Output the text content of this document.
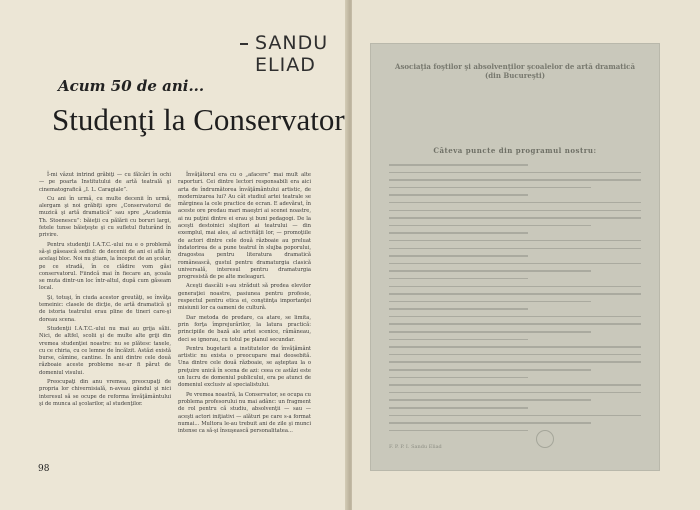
SANDU ELIAD
Acum 50 de ani...
Studenţi la Conservator

Î-mi vâzut intrind grăbiţi — cu fălcări în ochi — pe poarta Institutului de artă teatrală şi cinematografică „I. L. Caragiale”.

Cu ani în urmă, cu multe decenii în urmă, alergam şi noi grăbiţi spre „Conservatorul de muzică şi artă dramatică” sau spre „Academia Th. Stoenescu”: băieţii cu pălării cu boruri largi, fetele tunse băieţeşte şi cu sufletul fluturând în privire.

Pentru studenţii I.A.T.C.-ului nu e o problemă să-şi găsească sediul: de decenii de ani ei află în acelaşi bloc. Noi nu ştiam, la început de an şcolar, pe ce stradă, în ce clădire vom găsi conservatorul. Fiindcă mai în fiecare an, şcoala se muta dintr-un loc într-altul, după cum găseam local.

Şi, totuşi, în ciuda acestor greutăţi, se învăţa temeinic: clasele de dicţie, de artă dramatică şi de istoria teatrului erau pline de tineri care-şi doreau scena.

Studenţii I.A.T.C.-ului nu mai au grija sălii. Nici, de altfel, scolii şi de multe alte griji din vremea studenţiei noastre: nu se plătesc taxele, cu ce chiria, cu ce lemne de încălzit. Astăzi există burse, cămine, cantine. În anii dintre cele două războaie aceste probleme ne-ar fi părut de domeniul visului.

Preocupaţi din anu vremea, preocupaţi de propria lor chivernisială, n-aveau gândul şi nici interesul să se ocupe de reforma învăţământului şi de munca al şcolarilor, al studenţilor.

Învăţătorul era cu o „afacere” mai mult alte raporturi. Cei dintre lectori responsabili era aici arta de îndrumătorea învăţământului artistic, de modernizarea lui? Au cât studiul artei teatrale se mărginea la cele practice de ecran. E adevărat, în aceste ore predau mari maeştri ai scenei noastre, ai nu puţini dintre ei erau şi buni pedagogi. De la aceşti destoinici slujitori ai teatrului — din exemplul, mai ales, al activităţii lor, — promoţiile de actori dintre cele două războaie au preluat îndatorirea de a pune teatrul în slujba poporului, dragostea pentru literatura dramatică românească, gustul pentru dramaturgia clasică universală, interesul pentru dramaturgia progresistă de pe alte meleaguri.

Aceşti dascăli s-au străduit să predea elevilor generaţiei noastre, pasiunea pentru profesie, respectul pentru etica ei, conştiinţa importanţei misiunii lor ca oameni de cultură.

Dar metoda de predare, ca atare, se limita, prin forţa împrejurărilor, la latura practică: principiile de bază ale artei scenice, rămâneau, deci se ignorau, cu totul pe planul secundar.

Pentru bugetarii a institutelor de învăţământ artistic nu exista o preocupare mai deosebită. Una dintre cele două războaie, se aşteptau la o preţuire unică în scena de azi: ceea ce astăzi este un lucru de domeniul publicului, era pe atunci de domeniul exclusiv al specialistului.

Pe vremea noastră, la Conservator, se ocupa cu problema profesorului nu mai adânc: un fragment de rol pentru că studiu, absolvenţii — sau — aceşti actori iniţiativi — alături pe care s-a format numai... Multora le-au trebuit ani de zile şi munci intense ca să-şi însuşească personalitatea...

98
Asociaţia foştilor şi absolvenţilor şcoalelor de artă dramatică (din Bucureşti)
Câteva puncte din programul nostru:
F. P. P. I. Sandu Eliad
